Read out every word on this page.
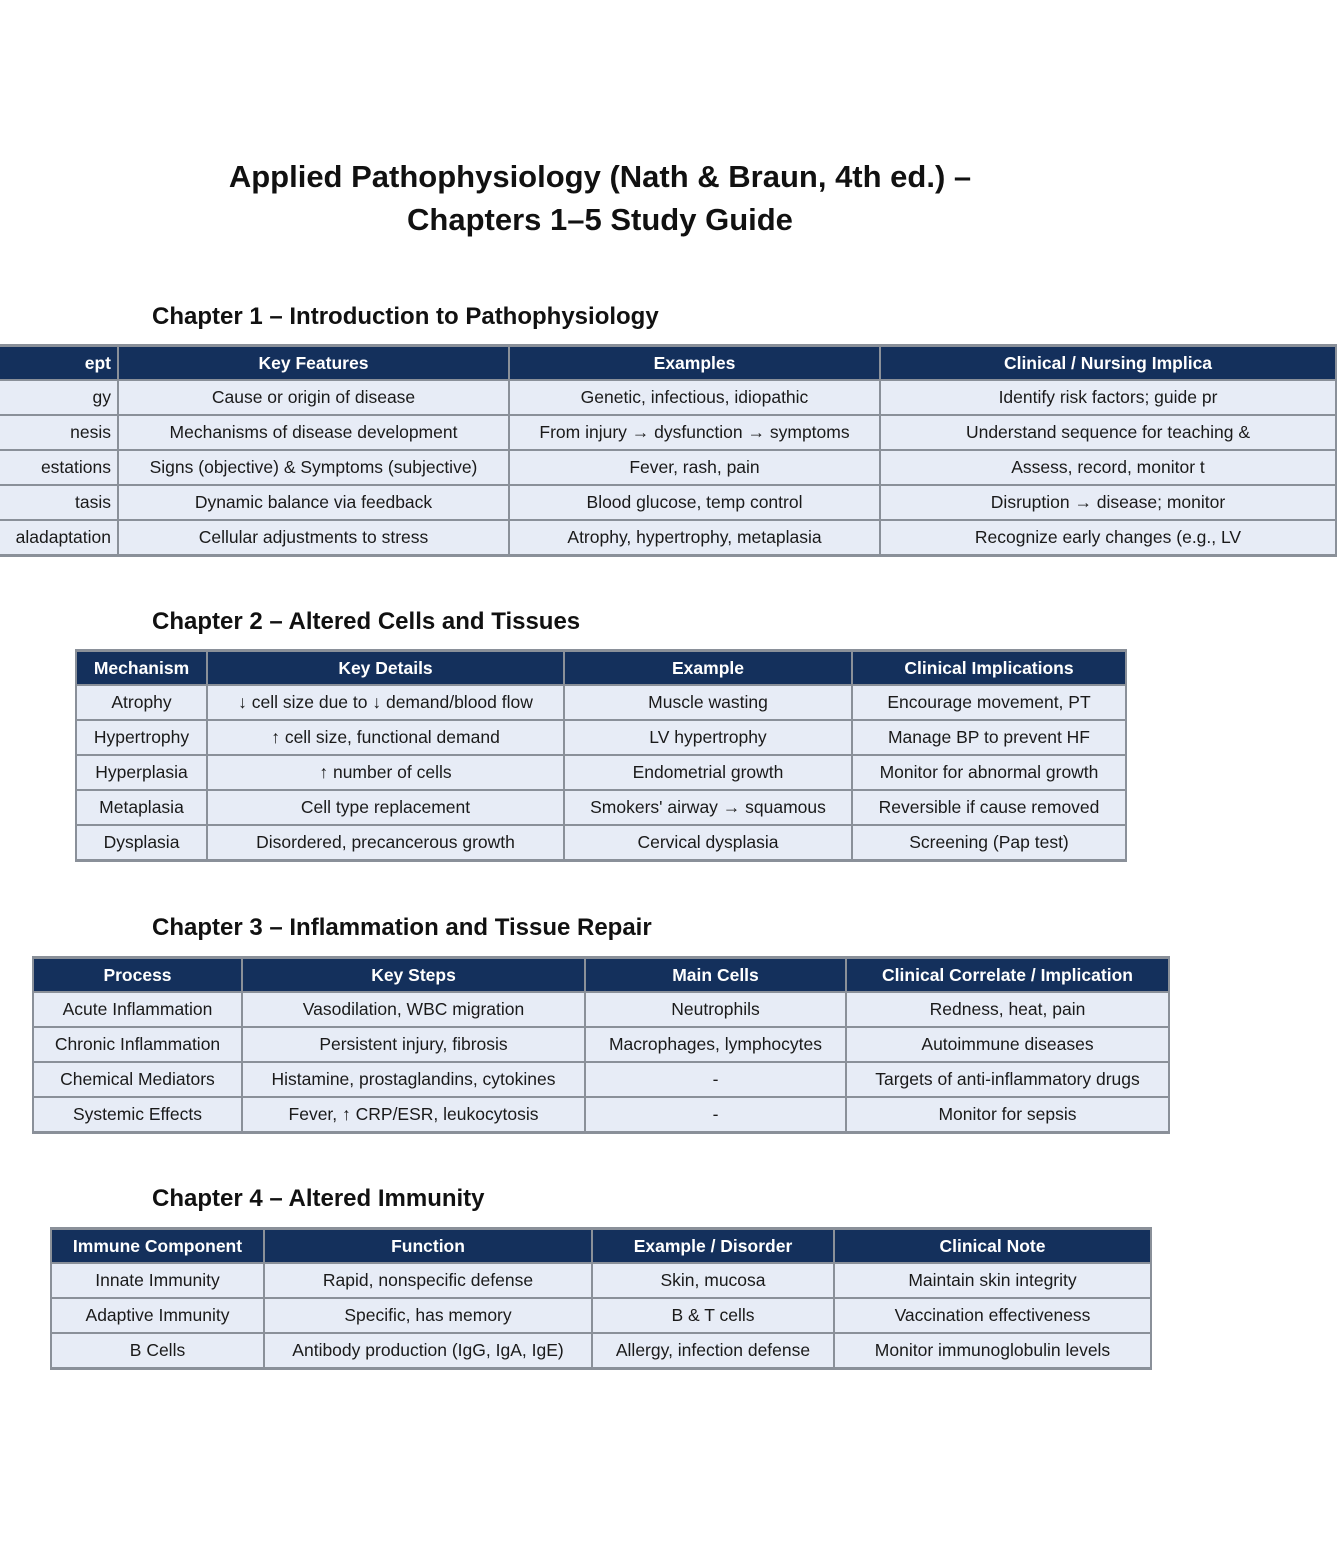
Applied Pathophysiology (Nath & Braun, 4th ed.) –
Chapters 1–5 Study Guide
Chapter 1 – Introduction to Pathophysiology
ept	Key Features	Examples	Clinical / Nursing Implica
gy	Cause or origin of disease	Genetic, infectious, idiopathic	Identify risk factors; guide pr
nesis	Mechanisms of disease development	From injury → dysfunction → symptoms	Understand sequence for teaching &
estations	Signs (objective) & Symptoms (subjective)	Fever, rash, pain	Assess, record, monitor t
tasis	Dynamic balance via feedback	Blood glucose, temp control	Disruption → disease; monitor
aladaptation	Cellular adjustments to stress	Atrophy, hypertrophy, metaplasia	Recognize early changes (e.g., LV
Chapter 2 – Altered Cells and Tissues
Mechanism	Key Details	Example	Clinical Implications
Atrophy	↓ cell size due to ↓ demand/blood flow	Muscle wasting	Encourage movement, PT
Hypertrophy	↑ cell size, functional demand	LV hypertrophy	Manage BP to prevent HF
Hyperplasia	↑ number of cells	Endometrial growth	Monitor for abnormal growth
Metaplasia	Cell type replacement	Smokers' airway → squamous	Reversible if cause removed
Dysplasia	Disordered, precancerous growth	Cervical dysplasia	Screening (Pap test)
Chapter 3 – Inflammation and Tissue Repair
Process	Key Steps	Main Cells	Clinical Correlate / Implication
Acute Inflammation	Vasodilation, WBC migration	Neutrophils	Redness, heat, pain
Chronic Inflammation	Persistent injury, fibrosis	Macrophages, lymphocytes	Autoimmune diseases
Chemical Mediators	Histamine, prostaglandins, cytokines	-	Targets of anti-inflammatory drugs
Systemic Effects	Fever, ↑ CRP/ESR, leukocytosis	-	Monitor for sepsis
Chapter 4 – Altered Immunity
Immune Component	Function	Example / Disorder	Clinical Note
Innate Immunity	Rapid, nonspecific defense	Skin, mucosa	Maintain skin integrity
Adaptive Immunity	Specific, has memory	B & T cells	Vaccination effectiveness
B Cells	Antibody production (IgG, IgA, IgE)	Allergy, infection defense	Monitor immunoglobulin levels
